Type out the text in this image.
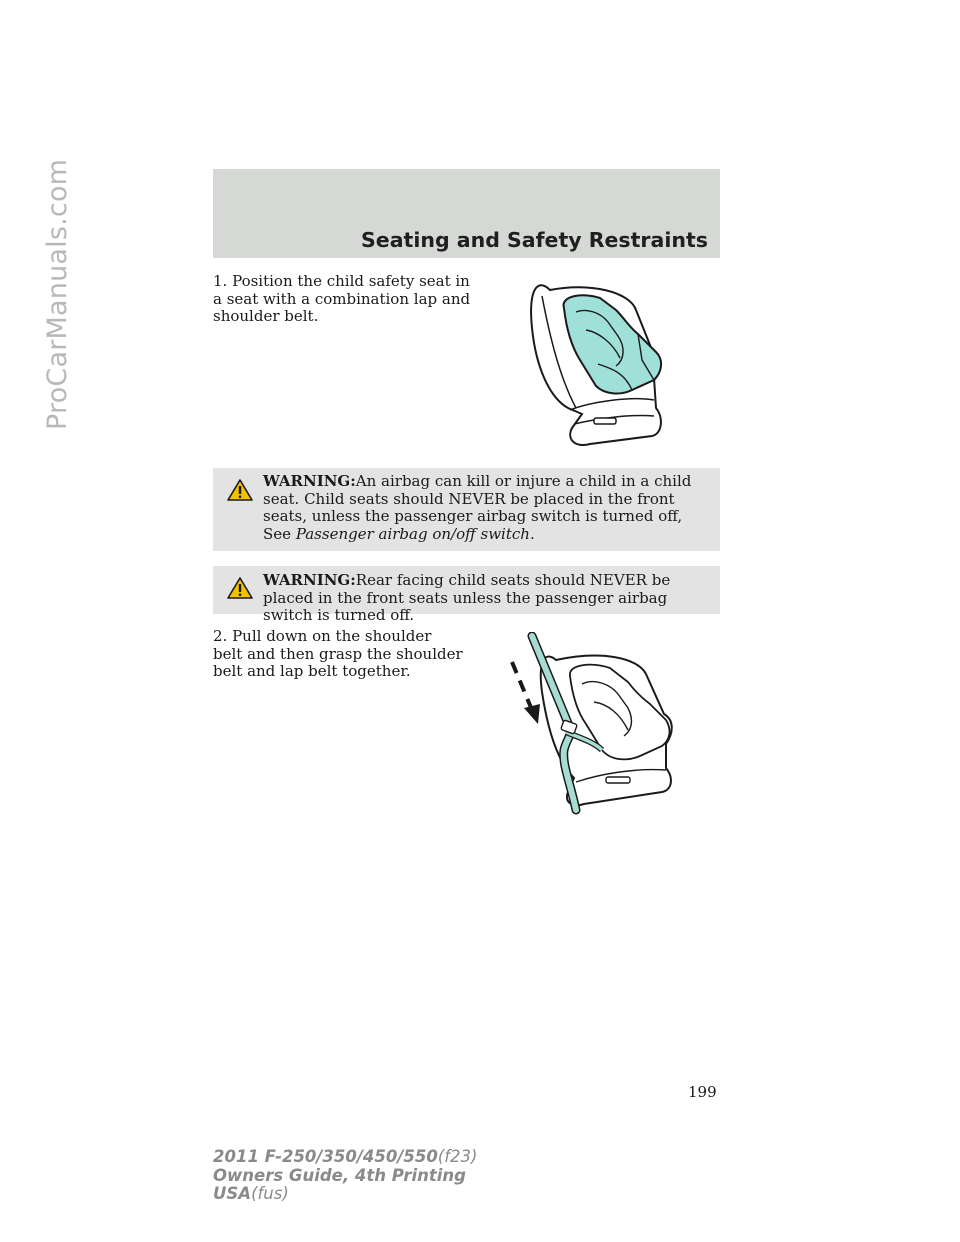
ProCarManuals.com	Seating and Safety Restraints
1. Position the child safety seat in a seat with a combination lap and shoulder belt.
WARNING:An airbag can kill or injure a child in a child seat. Child seats should NEVER be placed in the front seats, unless the passenger airbag switch is turned off, See Passenger airbag on/off switch.
WARNING:Rear facing child seats should NEVER be placed in the front seats unless the passenger airbag switch is turned off.
2. Pull down on the shoulder belt and then grasp the shoulder belt and lap belt together.
199
2011 F-250/350/450/550(f23)
Owners Guide, 4th Printing
USA(fus)
